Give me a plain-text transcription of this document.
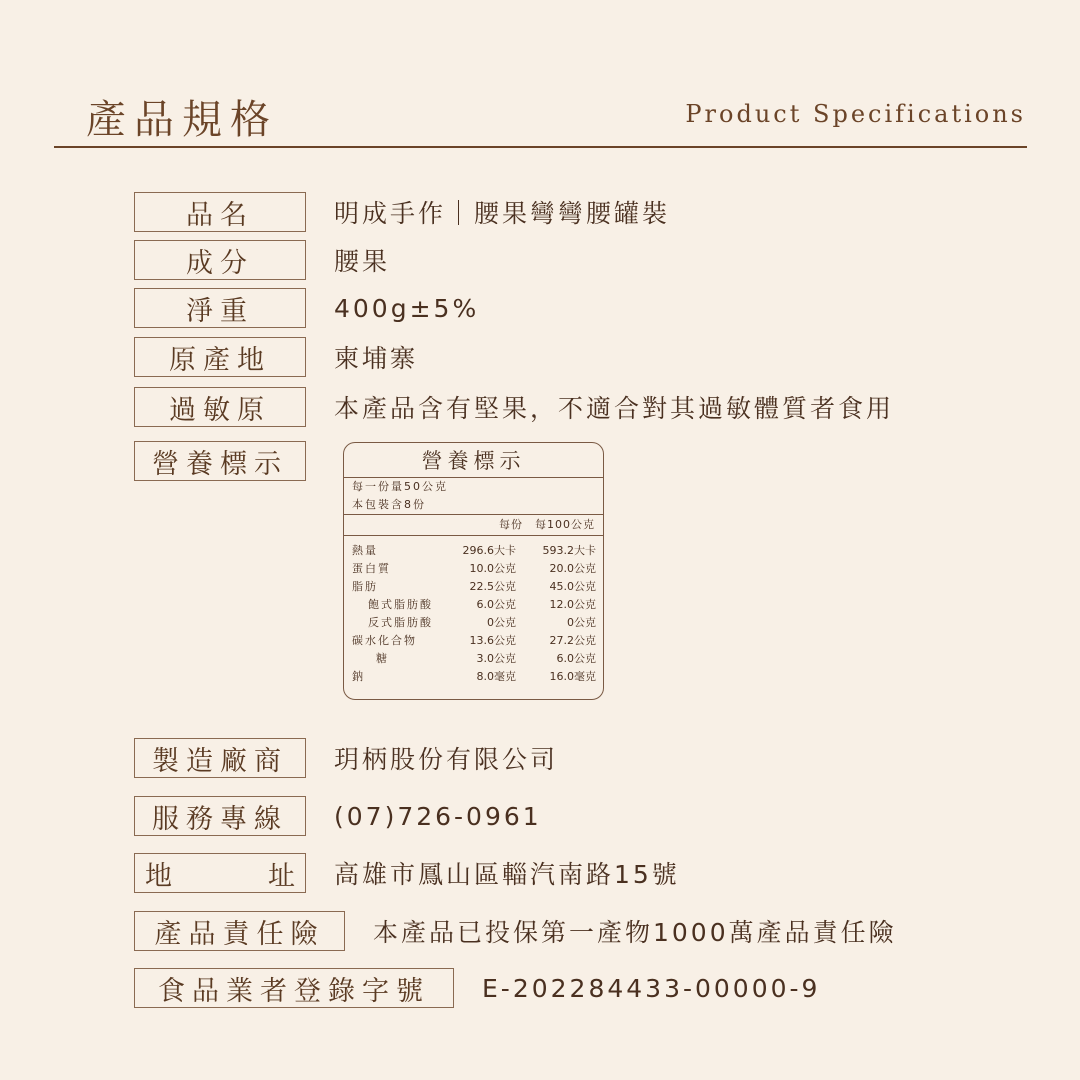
產品規格	Product Specifications
品名	明成手作｜腰果彎彎腰罐裝
成分	腰果
淨重	400g±5%
原產地	柬埔寨
過敏原	本產品含有堅果，不適合對其過敏體質者食用
營養標示	營養標示
每一份量50公克
本包裝含8份
每份　每100公克
熱量	296.6大卡	593.2大卡
蛋白質	10.0公克	20.0公克
脂肪	22.5公克	45.0公克
飽式脂肪酸	6.0公克	12.0公克
反式脂肪酸	0公克	0公克
碳水化合物	13.6公克	27.2公克
糖	3.0公克	6.0公克
鈉	8.0毫克	16.0毫克
製造廠商	玥柄股份有限公司
服務專線	(07)726-0961
地	址 高雄市鳳山區輜汽南路15號
產品責任險	本產品已投保第一產物1000萬產品責任險
食品業者登錄字號	E-202284433-00000-9
